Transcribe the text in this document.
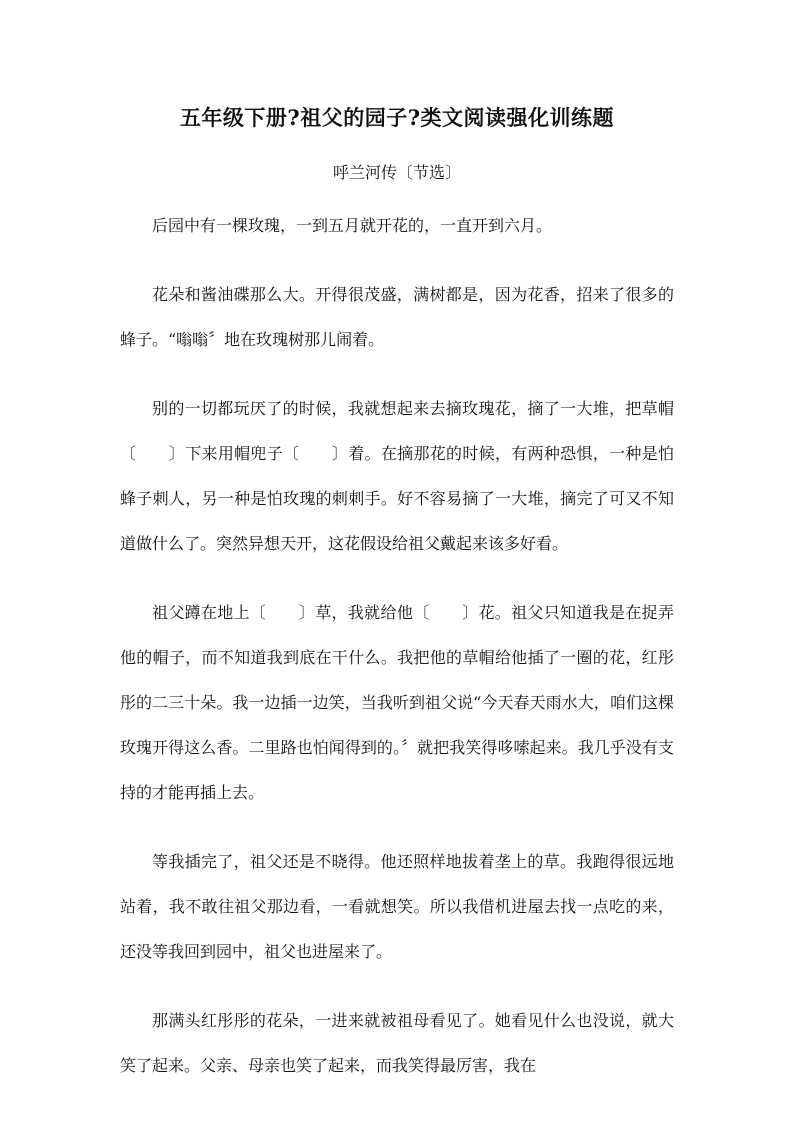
五年级下册?祖父的园子?类文阅读强化训练题

呼兰河传〔节选〕

后园中有一棵玫瑰，一到五月就开花的，一直开到六月。

花朵和酱油碟那么大。开得很茂盛，满树都是，因为花香，招来了很多的蜂子。“嗡嗡〞地在玫瑰树那儿闹着。

别的一切都玩厌了的时候，我就想起来去摘玫瑰花，摘了一大堆，把草帽〔　　〕下来用帽兜子〔　　〕着。在摘那花的时候，有两种恐惧，一种是怕蜂子刺人，另一种是怕玫瑰的刺刺手。好不容易摘了一大堆，摘完了可又不知道做什么了。突然异想天开，这花假设给祖父戴起来该多好看。

祖父蹲在地上〔　　〕草，我就给他〔　　〕花。祖父只知道我是在捉弄他的帽子，而不知道我到底在干什么。我把他的草帽给他插了一圈的花，红彤彤的二三十朵。我一边插一边笑，当我听到祖父说“今天春天雨水大，咱们这棵玫瑰开得这么香。二里路也怕闻得到的。〞就把我笑得哆嗦起来。我几乎没有支持的才能再插上去。

等我插完了，祖父还是不晓得。他还照样地拔着垄上的草。我跑得很远地站着，我不敢往祖父那边看，一看就想笑。所以我借机进屋去找一点吃的来，还没等我回到园中，祖父也进屋来了。

那满头红彤彤的花朵，一进来就被祖母看见了。她看见什么也没说，就大笑了起来。父亲、母亲也笑了起来，而我笑得最厉害，我在
